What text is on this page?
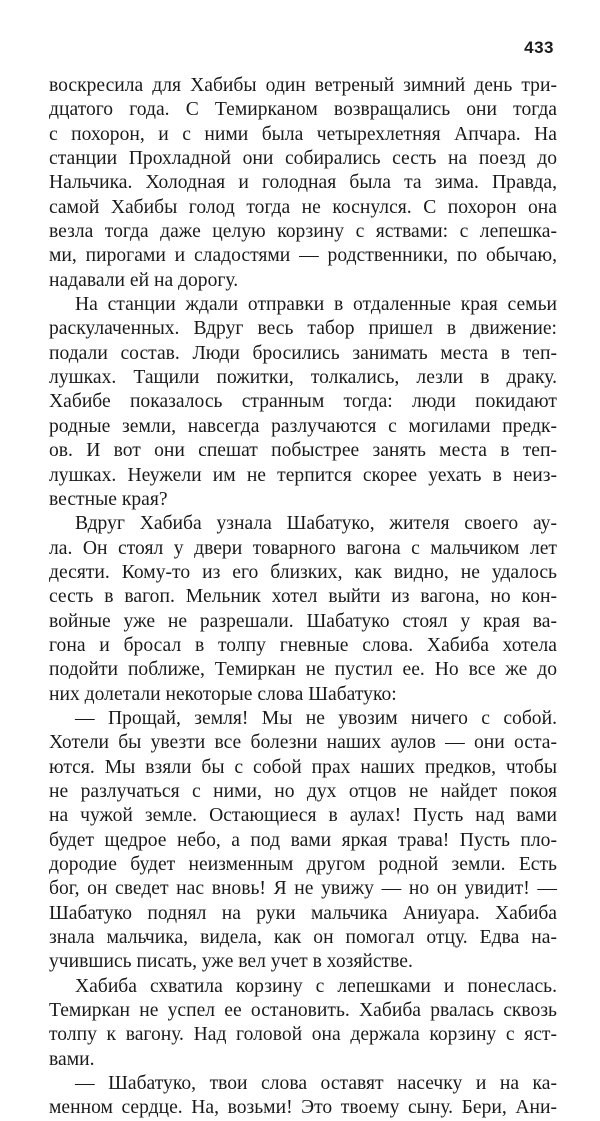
433
воскресила для Хабибы один ветреный зимний день три-
дцатого года. С Темирканом возвращались они тогда
с похорон, и с ними была четырехлетняя Апчара. На
станции Прохладной они собирались сесть на поезд до
Нальчика. Холодная и голодная была та зима. Правда,
самой Хабибы голод тогда не коснулся. С похорон она
везла тогда даже целую корзину с яствами: с лепешка-
ми, пирогами и сладостями — родственники, по обычаю,
надавали ей на дорогу.
На станции ждали отправки в отдаленные края семьи
раскулаченных. Вдруг весь табор пришел в движение:
подали состав. Люди бросились занимать места в теп-
лушках. Тащили пожитки, толкались, лезли в драку.
Хабибе показалось странным тогда: люди покидают
родные земли, навсегда разлучаются с могилами предк-
ов. И вот они спешат побыстрее занять места в теп-
лушках. Неужели им не терпится скорее уехать в неиз-
вестные края?
Вдруг Хабиба узнала Шабатуко, жителя своего ау-
ла. Он стоял у двери товарного вагона с мальчиком лет
десяти. Кому-то из его близких, как видно, не удалось
сесть в вагоп. Мельник хотел выйти из вагона, но кон-
войные уже не разрешали. Шабатуко стоял у края ва-
гона и бросал в толпу гневные слова. Хабиба хотела
подойти поближе, Темиркан не пустил ее. Но все же до
них долетали некоторые слова Шабатуко:
— Прощай, земля! Мы не увозим ничего с собой.
Хотели бы увезти все болезни наших аулов — они оста-
ются. Мы взяли бы с собой прах наших предков, чтобы
не разлучаться с ними, но дух отцов не найдет покоя
на чужой земле. Остающиеся в аулах! Пусть над вами
будет щедрое небо, а под вами яркая трава! Пусть пло-
дородие будет неизменным другом родной земли. Есть
бог, он сведет нас вновь! Я не увижу — но он увидит! —
Шабатуко поднял на руки мальчика Аниуара. Хабиба
знала мальчика, видела, как он помогал отцу. Едва на-
учившись писать, уже вел учет в хозяйстве.
Хабиба схватила корзину с лепешками и понеслась.
Темиркан не успел ее остановить. Хабиба рвалась сквозь
толпу к вагону. Над головой она держала корзину с яст-
вами.
— Шабатуко, твои слова оставят насечку и на ка-
менном сердце. На, возьми! Это твоему сыну. Бери, Ани-
